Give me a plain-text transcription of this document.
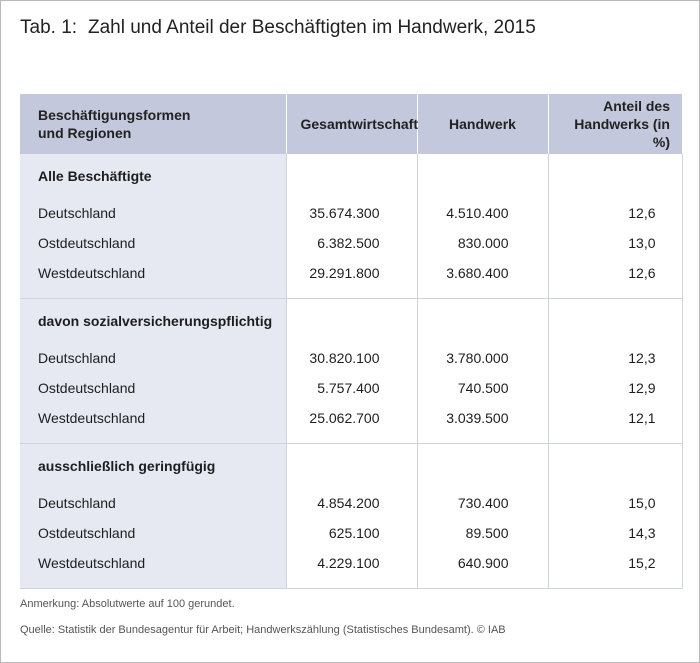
Tab. 1: Zahl und Anteil der Beschäftigten im Handwerk, 2015
Beschäftigungsformen
und Regionen	Gesamtwirtschaft	Handwerk	Anteil des
Handwerks (in %)
Alle Beschäftigte			
Deutschland	35.674.300	4.510.400	12,6
Ostdeutschland	6.382.500	830.000	13,0
Westdeutschland	29.291.800	3.680.400	12,6

davon sozialversicherungspflichtig			
Deutschland	30.820.100	3.780.000	12,3
Ostdeutschland	5.757.400	740.500	12,9
Westdeutschland	25.062.700	3.039.500	12,1

ausschließlich geringfügig			
Deutschland	4.854.200	730.400	15,0
Ostdeutschland	625.100	89.500	14,3
Westdeutschland	4.229.100	640.900	15,2

Anmerkung: Absolutwerte auf 100 gerundet.
Quelle: Statistik der Bundesagentur für Arbeit; Handwerkszählung (Statistisches Bundesamt). © IAB
